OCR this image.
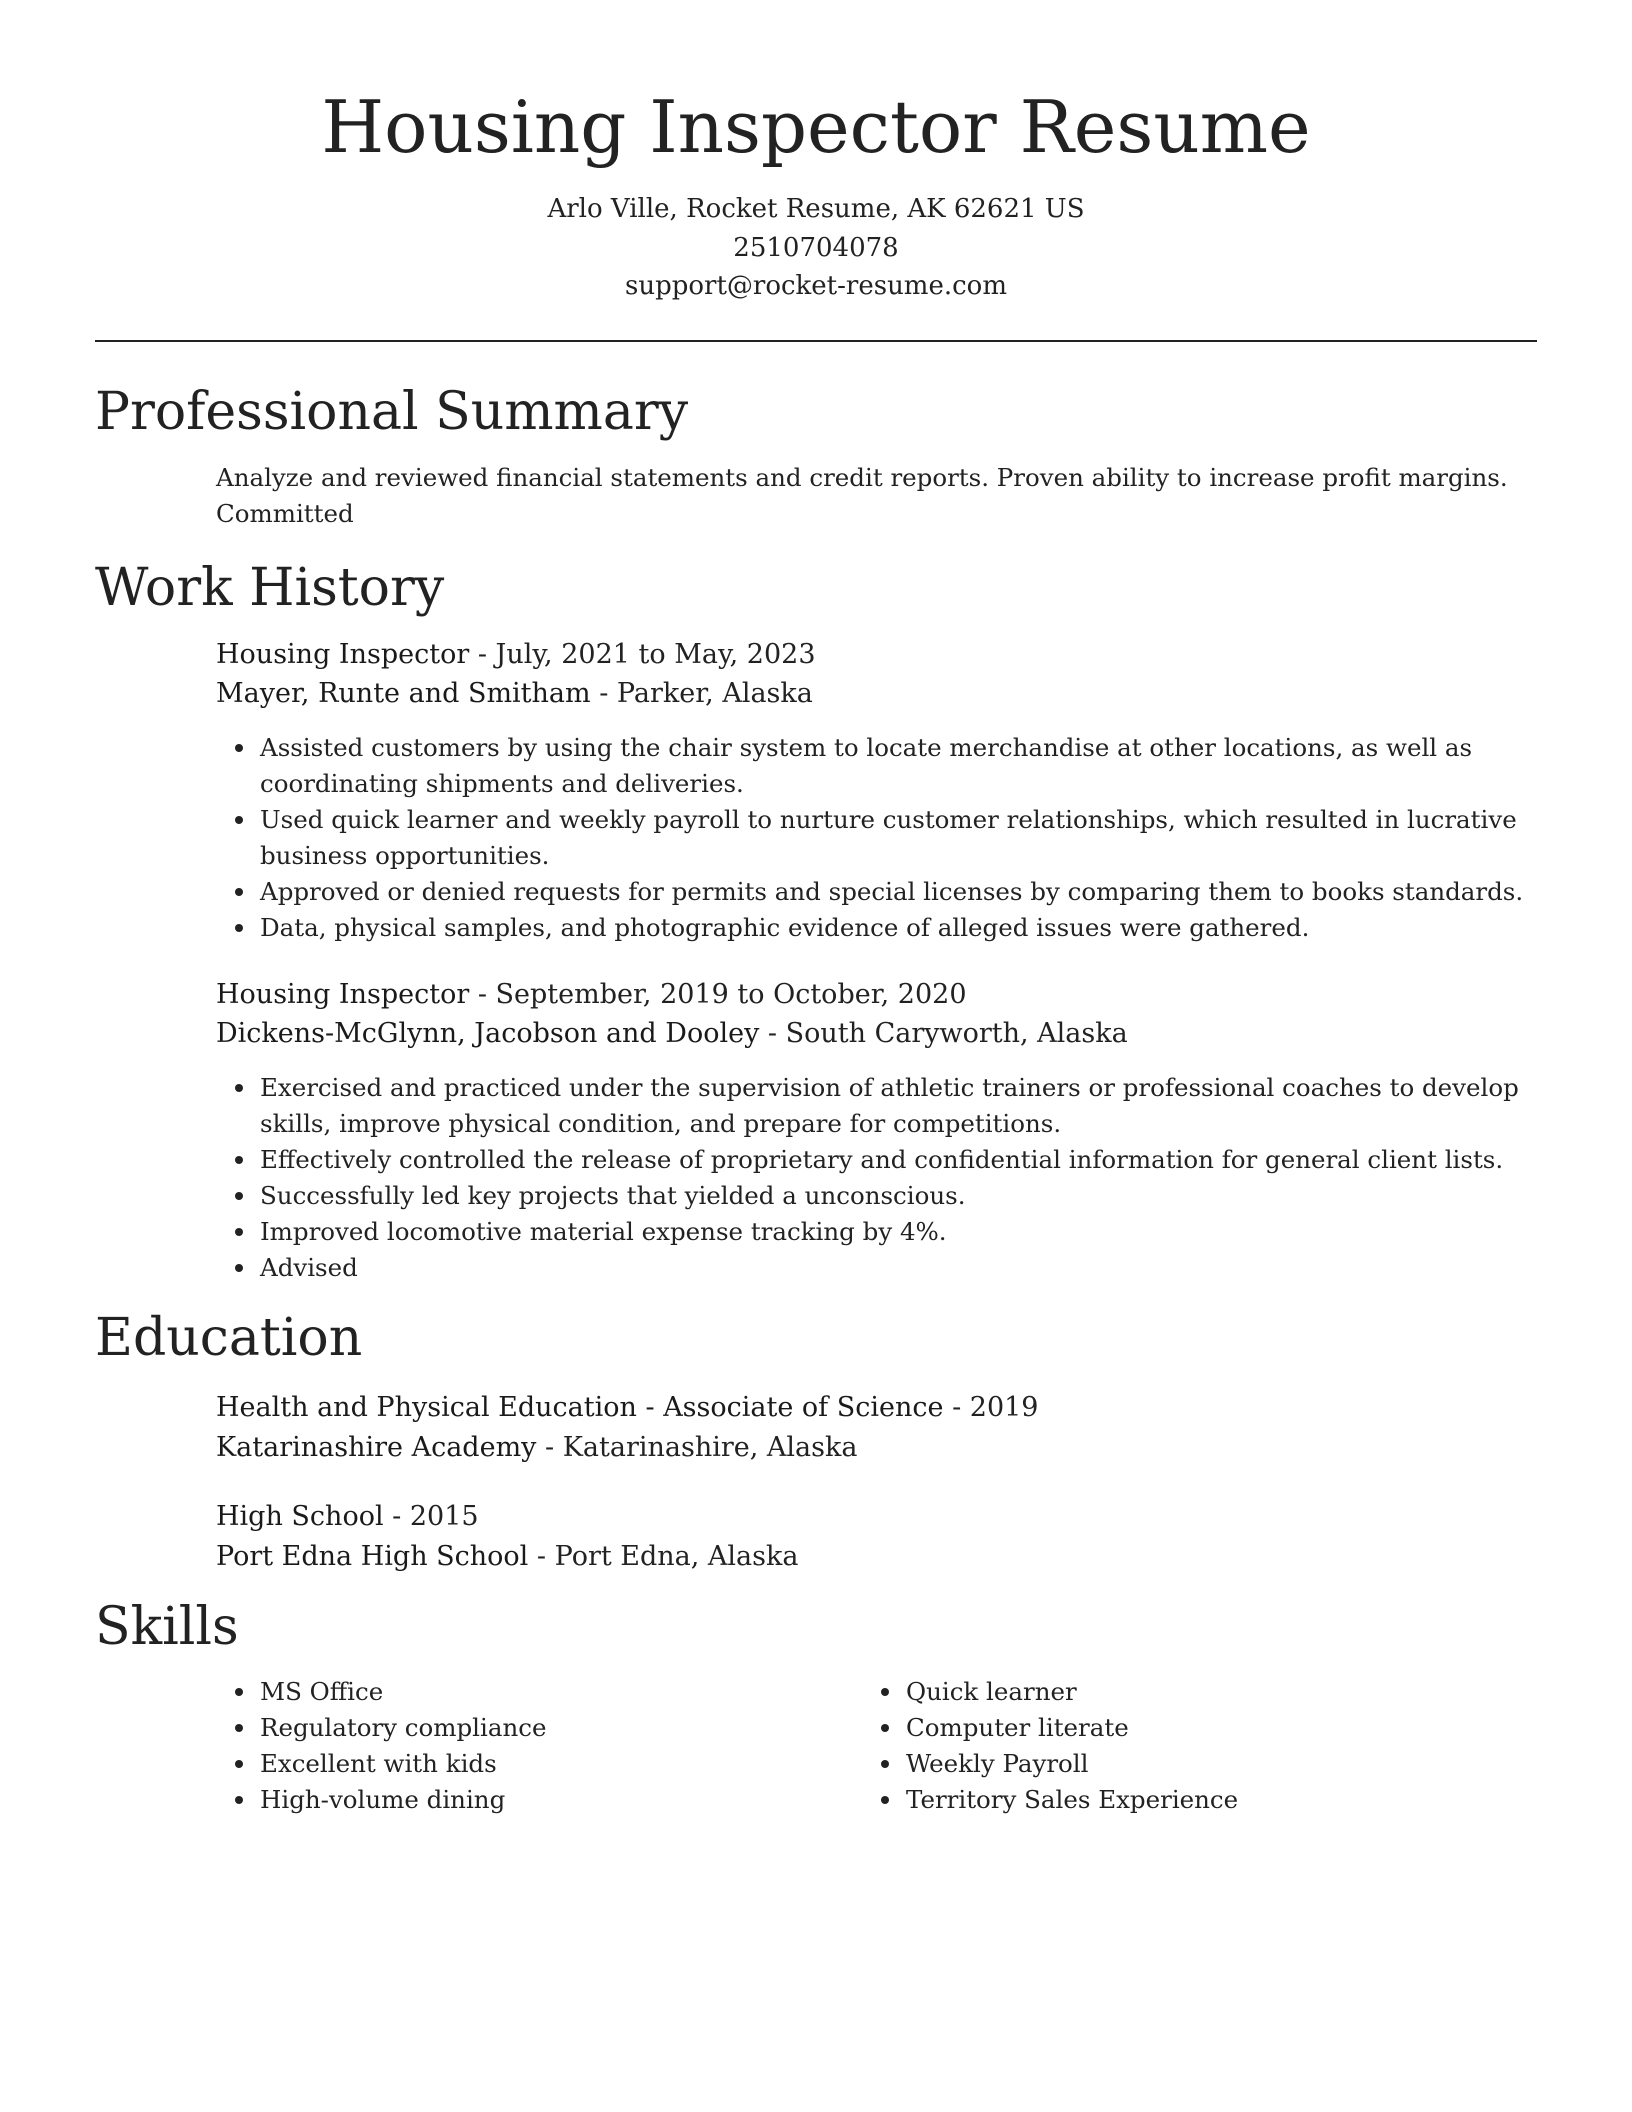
Housing Inspector Resume
Arlo Ville, Rocket Resume, AK 62621 US
2510704078
support@rocket-resume.com
Professional Summary
Analyze and reviewed financial statements and credit reports. Proven ability to increase profit margins. Committed
Work History
Housing Inspector - July, 2021 to May, 2023
Mayer, Runte and Smitham - Parker, Alaska
Assisted customers by using the chair system to locate merchandise at other locations, as well as coordinating shipments and deliveries.
Used quick learner and weekly payroll to nurture customer relationships, which resulted in lucrative business opportunities.
Approved or denied requests for permits and special licenses by comparing them to books standards.
Data, physical samples, and photographic evidence of alleged issues were gathered.
Housing Inspector - September, 2019 to October, 2020
Dickens-McGlynn, Jacobson and Dooley - South Caryworth, Alaska
Exercised and practiced under the supervision of athletic trainers or professional coaches to develop skills, improve physical condition, and prepare for competitions.
Effectively controlled the release of proprietary and confidential information for general client lists.
Successfully led key projects that yielded a unconscious.
Improved locomotive material expense tracking by 4%.
Advised
Education
Health and Physical Education - Associate of Science - 2019
Katarinashire Academy - Katarinashire, Alaska
High School - 2015
Port Edna High School - Port Edna, Alaska
Skills
MS Office
Regulatory compliance
Excellent with kids
High-volume dining
Quick learner
Computer literate
Weekly Payroll
Territory Sales Experience
